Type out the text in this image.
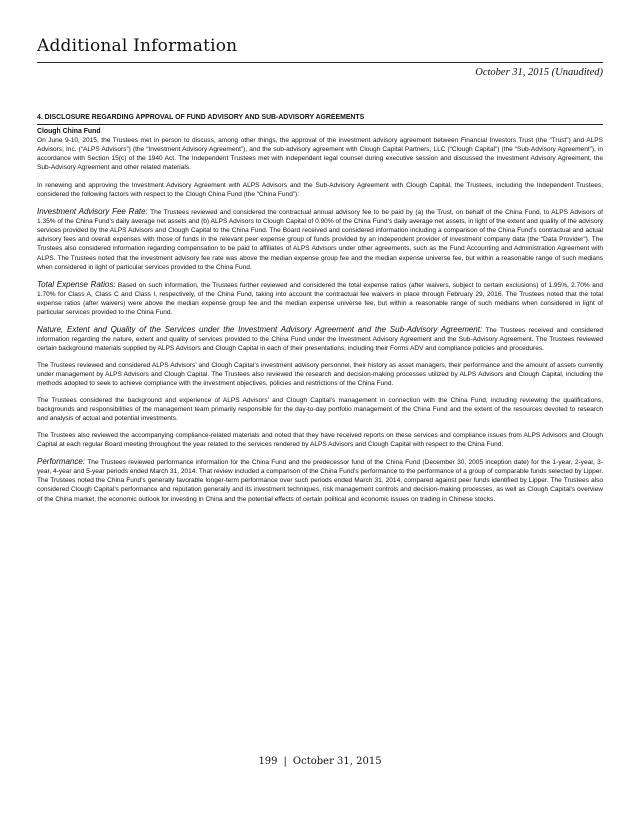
Additional Information
October 31, 2015 (Unaudited)
4. DISCLOSURE REGARDING APPROVAL OF FUND ADVISORY AND SUB-ADVISORY AGREEMENTS
Clough China Fund

On June 9-10, 2015, the Trustees met in person to discuss, among other things, the approval of the investment advisory agreement between Financial Investors Trust (the “Trust”) and ALPS Advisors, Inc. (“ALPS Advisors”) (the “Investment Advisory Agreement”), and the sub-advisory agreement with Clough Capital Partners, LLC (“Clough Capital”) (the “Sub-Advisory Agreement”), in accordance with Section 15(c) of the 1940 Act. The Independent Trustees met with independent legal counsel during executive session and discussed the Investment Advisory Agreement, the Sub-Advisory Agreement and other related materials.

In renewing and approving the Investment Advisory Agreement with ALPS Advisors and the Sub-Advisory Agreement with Clough Capital, the Trustees, including the Independent Trustees, considered the following factors with respect to the Clough China Fund (the “China Fund”):

Investment Advisory Fee Rate: The Trustees reviewed and considered the contractual annual advisory fee to be paid by (a) the Trust, on behalf of the China Fund, to ALPS Advisors of 1.35% of the China Fund’s daily average net assets and (b) ALPS Advisors to Clough Capital of 0.90% of the China Fund’s daily average net assets, in light of the extent and quality of the advisory services provided by the ALPS Advisors and Clough Capital to the China Fund. The Board received and considered information including a comparison of the China Fund’s contractual and actual advisory fees and overall expenses with those of funds in the relevant peer expense group of funds provided by an independent provider of investment company data (the “Data Provider”). The Trustees also considered information regarding compensation to be paid to affiliates of ALPS Advisors under other agreements, such as the Fund Accounting and Administration Agreement with ALPS. The Trustees noted that the investment advisory fee rate was above the median expense group fee and the median expense universe fee, but within a reasonable range of such medians when considered in light of particular services provided to the China Fund.

Total Expense Ratios: Based on such information, the Trustees further reviewed and considered the total expense ratios (after waivers, subject to certain exclusions) of 1.95%, 2.70% and 1.70% for Class A, Class C and Class I, respectively, of the China Fund, taking into account the contractual fee waivers in place through February 29, 2016. The Trustees noted that the total expense ratios (after waivers) were above the median expense group fee and the median expense universe fee, but within a reasonable range of such medians when considered in light of particular services provided to the China Fund.

Nature, Extent and Quality of the Services under the Investment Advisory Agreement and the Sub-Advisory Agreement: The Trustees received and considered information regarding the nature, extent and quality of services provided to the China Fund under the Investment Advisory Agreement and the Sub-Advisory Agreement. The Trustees reviewed certain background materials supplied by ALPS Advisors and Clough Capital in each of their presentations, including their Forms ADV and compliance policies and procedures.

The Trustees reviewed and considered ALPS Advisors’ and Clough Capital’s investment advisory personnel, their history as asset managers, their performance and the amount of assets currently under management by ALPS Advisors and Clough Capital. The Trustees also reviewed the research and decision-making processes utilized by ALPS Advisors and Clough Capital, including the methods adopted to seek to achieve compliance with the investment objectives, policies and restrictions of the China Fund.

The Trustees considered the background and experience of ALPS Advisors’ and Clough Capital’s management in connection with the China Fund, including reviewing the qualifications, backgrounds and responsibilities of the management team primarily responsible for the day-to-day portfolio management of the China Fund and the extent of the resources devoted to research and analysis of actual and potential investments.

The Trustees also reviewed the accompanying compliance-related materials and noted that they have received reports on these services and compliance issues from ALPS Advisors and Clough Capital at each regular Board meeting throughout the year related to the services rendered by ALPS Advisors and Clough Capital with respect to the China Fund.

Performance: The Trustees reviewed performance information for the China Fund and the predecessor fund of the China Fund (December 30, 2005 inception date) for the 1-year, 2-year, 3-year, 4-year and 5-year periods ended March 31, 2014. That review included a comparison of the China Fund’s performance to the performance of a group of comparable funds selected by Lipper. The Trustees noted the China Fund’s generally favorable longer-term performance over such periods ended March 31, 2014, compared against peer funds identified by Lipper. The Trustees also considered Clough Capital’s performance and reputation generally and its investment techniques, risk management controls and decision-making processes, as well as Clough Capital’s overview of the China market, the economic outlook for investing in China and the potential effects of certain political and economic issues on trading in Chinese stocks.

199 | October 31, 2015
